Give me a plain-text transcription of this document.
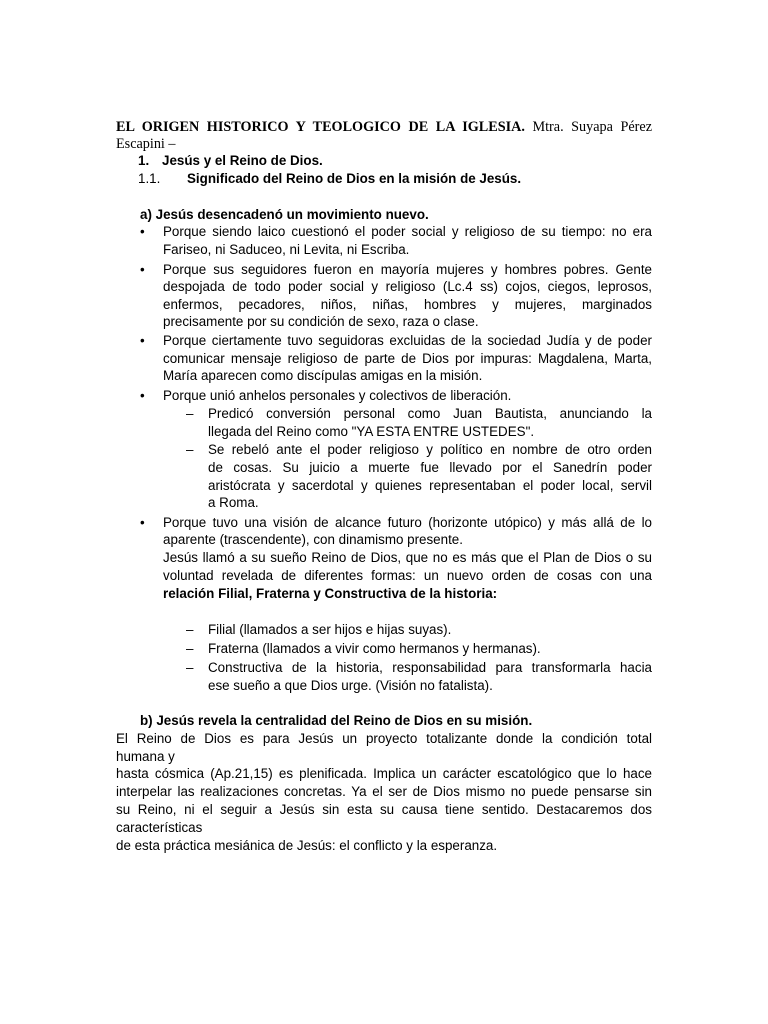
EL ORIGEN HISTORICO Y TEOLOGICO DE LA IGLESIA. Mtra. Suyapa Pérez
Escapini –
1. Jesús y el Reino de Dios.
1.1. Significado del Reino de Dios en la misión de Jesús.
a) Jesús desencadenó un movimiento nuevo.
• Porque siendo laico cuestionó el poder social y religioso de su tiempo: no era
Fariseo, ni Saduceo, ni Levita, ni Escriba.
• Porque sus seguidores fueron en mayoría mujeres y hombres pobres. Gente
despojada de todo poder social y religioso (Lc.4 ss) cojos, ciegos, leprosos,
enfermos, pecadores, niños, niñas, hombres y mujeres, marginados
precisamente por su condición de sexo, raza o clase.
• Porque ciertamente tuvo seguidoras excluidas de la sociedad Judía y de poder
comunicar mensaje religioso de parte de Dios por impuras: Magdalena, Marta,
María aparecen como discípulas amigas en la misión.
• Porque unió anhelos personales y colectivos de liberación.
– Predicó conversión personal como Juan Bautista, anunciando la
llegada del Reino como "YA ESTA ENTRE USTEDES".
– Se rebeló ante el poder religioso y político en nombre de otro orden
de cosas. Su juicio a muerte fue llevado por el Sanedrín poder
aristócrata y sacerdotal y quienes representaban el poder local, servil
a Roma.
• Porque tuvo una visión de alcance futuro (horizonte utópico) y más allá de lo
aparente (trascendente), con dinamismo presente.
Jesús llamó a su sueño Reino de Dios, que no es más que el Plan de Dios o su
voluntad revelada de diferentes formas: un nuevo orden de cosas con una
relación Filial, Fraterna y Constructiva de la historia:
– Filial (llamados a ser hijos e hijas suyas).
– Fraterna (llamados a vivir como hermanos y hermanas).
– Constructiva de la historia, responsabilidad para transformarla hacia
ese sueño a que Dios urge. (Visión no fatalista).
b) Jesús revela la centralidad del Reino de Dios en su misión.
El Reino de Dios es para Jesús un proyecto totalizante donde la condición total
humana y
hasta cósmica (Ap.21,15) es plenificada. Implica un carácter escatológico que lo hace
interpelar las realizaciones concretas. Ya el ser de Dios mismo no puede pensarse sin
su Reino, ni el seguir a Jesús sin esta su causa tiene sentido. Destacaremos dos
características
de esta práctica mesiánica de Jesús: el conflicto y la esperanza.
